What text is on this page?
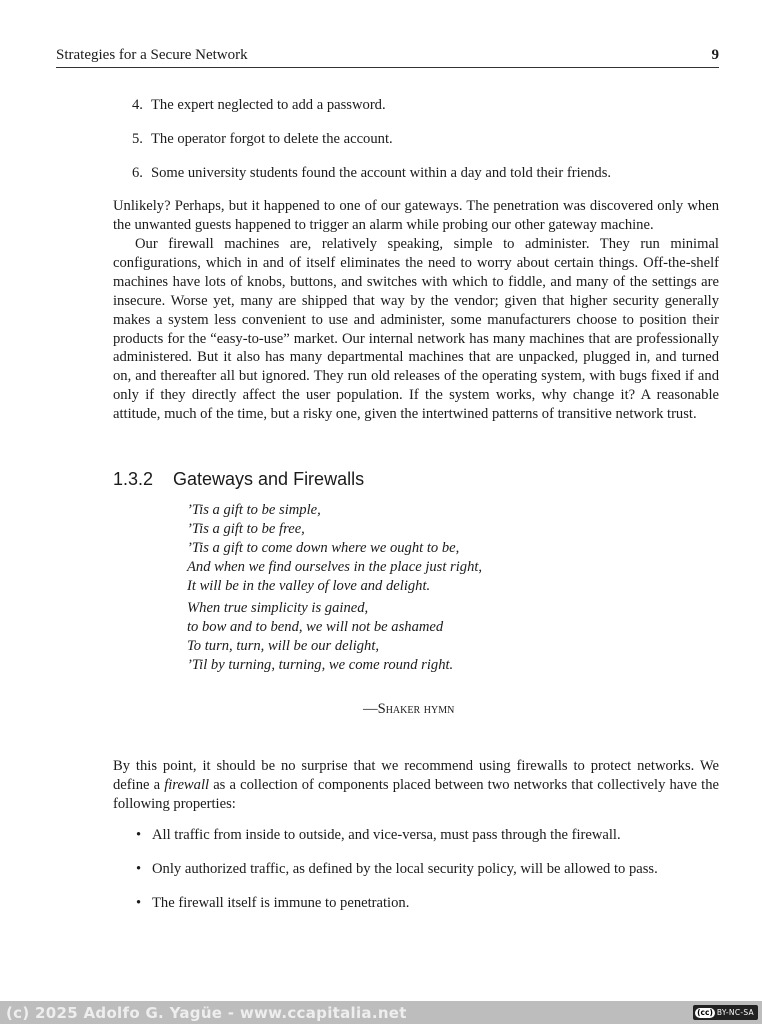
Strategies for a Secure Network	9
4. The expert neglected to add a password.
5. The operator forgot to delete the account.
6. Some university students found the account within a day and told their friends.

Unlikely? Perhaps, but it happened to one of our gateways. The penetration was discovered only when the unwanted guests happened to trigger an alarm while probing our other gateway machine.

Our firewall machines are, relatively speaking, simple to administer. They run minimal configurations, which in and of itself eliminates the need to worry about certain things. Off-the-shelf machines have lots of knobs, buttons, and switches with which to fiddle, and many of the settings are insecure. Worse yet, many are shipped that way by the vendor; given that higher security generally makes a system less convenient to use and administer, some manufacturers choose to position their products for the “easy-to-use” market. Our internal network has many machines that are professionally administered. But it also has many departmental machines that are unpacked, plugged in, and turned on, and thereafter all but ignored. They run old releases of the operating system, with bugs fixed if and only if they directly affect the user population. If the system works, why change it? A reasonable attitude, much of the time, but a risky one, given the intertwined patterns of transitive network trust.

1.3.2 Gateways and Firewalls
’Tis a gift to be simple,
’Tis a gift to be free,
’Tis a gift to come down where we ought to be,
And when we find ourselves in the place just right,
It will be in the valley of love and delight.
When true simplicity is gained,
to bow and to bend, we will not be ashamed
To turn, turn, will be our delight,
’Til by turning, turning, we come round right.
—Shaker hymn

By this point, it should be no surprise that we recommend using firewalls to protect networks. We define a firewall as a collection of components placed between two networks that collectively have the following properties:

• All traffic from inside to outside, and vice-versa, must pass through the firewall.
• Only authorized traffic, as defined by the local security policy, will be allowed to pass.
• The firewall itself is immune to penetration.
(c) 2025 Adolfo G. Yagüe - www.ccapitalia.net	(cc) BY-NC-SA
